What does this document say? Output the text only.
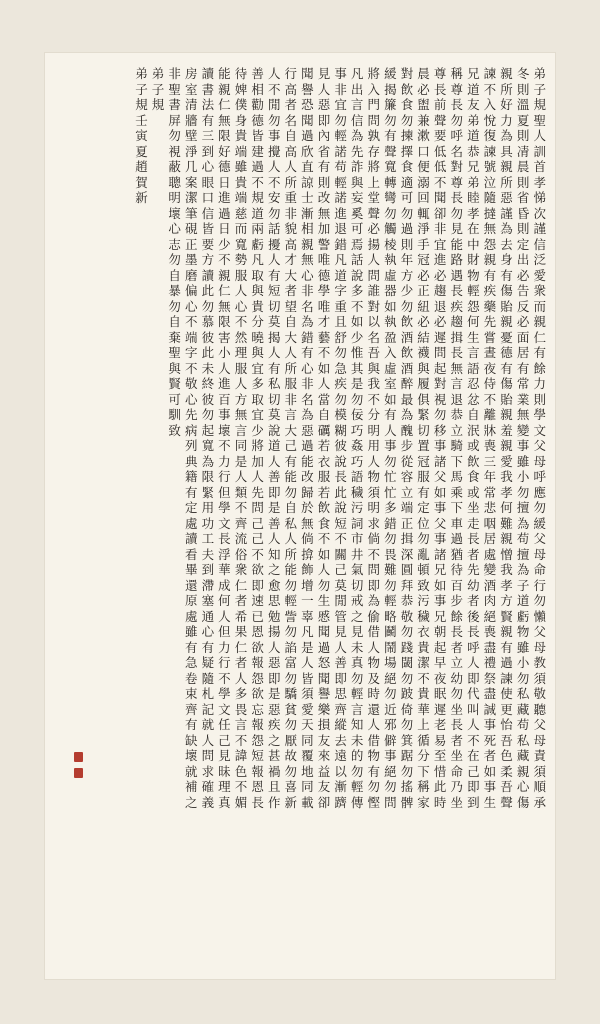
弟
子
規
聖
人
訓
首
孝
悌
次
謹
信
泛
愛
衆
而
親
仁
有
餘
力
則
學
文
父
母
呼
應
勿
緩
父
母
命
行
勿
懶
父
母
教
須
敬
聽
父
母
責
須
順
承
冬
則
溫
夏
則
凊
晨
則
省
昏
則
定
出
必
告
反
必
面
居
有
常
業
無
變
事
雖
小
勿
擅
為
苟
擅
為
子
道
虧
物
雖
小
勿
私
藏
苟
私
藏
親
心
傷
親
所
好
力
為
具
親
所
惡
謹
為
去
身
有
傷
貽
親
憂
德
有
傷
貽
親
羞
親
愛
我
孝
何
難
親
憎
我
孝
方
賢
親
有
過
諫
使
更
怡
吾
色
柔
吾
聲
諫
不
入
悅
復
諫
號
泣
隨
撻
無
怨
親
有
疾
藥
先
嘗
晝
夜
侍
不
離
牀
喪
三
年
常
悲
咽
居
處
變
酒
肉
絕
喪
盡
禮
祭
盡
誠
事
死
者
如
事
生
兄
道
友
弟
道
恭
兄
弟
睦
孝
在
中
財
物
輕
怨
何
生
言
語
忍
忿
自
泯
或
飲
食
或
坐
走
長
者
先
幼
者
後
長
呼
人
即
代
叫
人
不
在
己
即
到
稱
尊
長
勿
呼
名
對
尊
長
勿
見
能
路
遇
長
疾
趨
揖
長
無
言
退
恭
立
騎
下
馬
乘
下
車
過
猶
待
百
步
餘
長
者
立
幼
勿
坐
長
者
坐
命
乃
坐
尊
長
前
聲
要
低
低
不
聞
卻
非
宜
進
必
趨
退
必
遲
問
起
對
視
勿
移
事
諸
父
如
事
父
事
諸
兄
如
事
兄
朝
起
早
夜
眠
遲
老
易
至
惜
此
時
晨
必
盥
兼
漱
口
便
溺
回
輒
淨
手
冠
必
正
紐
必
結
襪
與
履
俱
緊
切
置
冠
服
有
定
位
勿
亂
頓
致
污
穢
衣
貴
潔
不
貴
華
上
循
分
下
稱
家
對
飲
食
勿
揀
擇
食
適
可
勿
過
則
年
方
少
勿
飲
酒
飲
酒
醉
最
為
醜
步
從
容
立
端
正
揖
深
圓
拜
恭
敬
勿
踐
閾
勿
跛
倚
勿
箕
踞
勿
搖
髀
緩
揭
簾
勿
有
聲
寬
轉
彎
勿
觸
棱
執
虛
器
如
執
盈
入
虛
室
如
有
人
事
勿
忙
忙
多
錯
勿
畏
難
勿
輕
略
鬬
鬧
場
絕
勿
近
邪
僻
事
絕
勿
問
將
入
門
問
孰
存
將
上
堂
聲
必
揚
人
問
誰
對
以
名
吾
與
我
不
分
明
用
人
物
須
明
求
倘
不
問
即
為
偷
借
人
物
及
時
還
人
借
物
有
勿
慳
凡
出
言
信
為
先
詐
與
妄
奚
可
焉
話
說
多
不
如
少
惟
其
是
勿
佞
巧
姦
巧
語
穢
污
詞
市
井
氣
切
戒
之
見
未
真
勿
輕
言
知
未
的
勿
輕
傳
事
非
宜
勿
輕
諾
苟
輕
諾
進
退
錯
凡
道
字
重
且
舒
勿
急
疾
勿
模
糊
彼
說
長
此
說
短
不
關
己
莫
閒
管
見
人
善
即
思
齊
縱
去
遠
以
漸
躋
見
人
惡
即
內
省
有
則
改
無
加
警
唯
德
學
唯
才
藝
不
如
人
當
自
礪
若
衣
服
若
飲
食
不
如
人
勿
生
慼
聞
過
怒
聞
譽
樂
損
友
來
益
友
卻
聞
譽
恐
聞
過
欣
直
諒
士
漸
相
親
無
心
非
名
為
錯
有
心
非
名
為
惡
過
能
改
歸
於
無
倘
揜
飾
增
一
辜
凡
是
人
皆
須
愛
天
同
覆
地
同
載
行
高
者
名
自
高
人
所
重
非
貌
高
才
大
者
望
自
大
人
所
服
非
言
大
己
有
能
勿
自
私
人
所
能
勿
輕
訾
勿
諂
富
勿
驕
貧
勿
厭
故
勿
喜
新
人
不
閒
勿
事
攪
人
不
安
勿
話
擾
人
有
短
切
莫
揭
人
有
私
切
莫
說
道
人
善
即
是
善
人
知
之
愈
思
勉
揚
人
惡
即
是
惡
疾
之
甚
禍
且
作
善
相
勸
德
皆
建
過
不
規
道
兩
虧
凡
取
與
貴
分
曉
與
宜
多
取
宜
少
將
加
人
先
問
己
己
不
欲
即
速
已
恩
欲
報
怨
欲
忘
報
怨
短
報
恩
長
待
婢
僕
身
貴
端
雖
貴
端
慈
而
寬
勢
服
人
心
不
然
理
服
人
方
無
言
同
是
人
類
不
齊
流
俗
衆
仁
者
希
果
仁
者
人
多
畏
言
不
諱
色
不
媚
能
親
仁
無
限
好
德
日
進
過
日
少
不
親
仁
無
限
害
小
人
進
百
事
壞
不
力
行
但
學
文
長
浮
華
成
何
人
但
力
行
不
學
文
任
己
見
昧
理
真
讀
書
法
有
三
到
心
眼
口
信
皆
要
方
讀
此
勿
慕
彼
此
未
終
彼
勿
起
寬
為
限
緊
用
功
工
夫
到
滯
塞
通
心
有
疑
隨
札
記
就
人
問
求
確
義
房
室
清
牆
壁
淨
几
案
潔
筆
硯
正
墨
磨
偏
心
不
端
字
不
敬
心
先
病
列
典
籍
有
定
處
讀
看
畢
還
原
處
雖
有
急
卷
束
齊
有
缺
壞
就
補
之
非
聖
書
屏
勿
視
蔽
聰
明
壞
心
志
勿
自
暴
勿
自
棄
聖
與
賢
可
馴
致
弟
子
規
弟
子
規
壬
寅
夏
趙
賀
新
